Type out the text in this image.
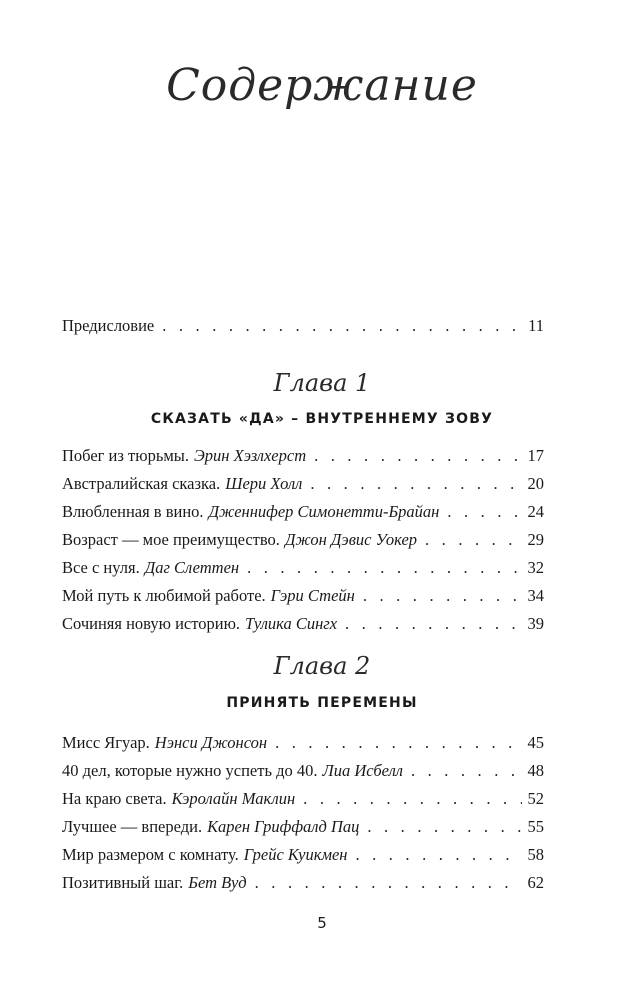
Содержание
Предисловие . . .	11
Глава 1
СКАЗАТЬ «ДА» – ВНУТРЕННЕМУ ЗОВУ
Побег из тюрьмы. Эрин Хэзлхерст . . .	17
Австралийская сказка. Шери Холл . . .	20
Влюбленная в вино. Дженнифер Симонетти-Брайан . . .	24
Возраст — мое преимущество. Джон Дэвис Уокер . . .	29
Все с нуля. Даг Слеттен . . .	32
Мой путь к любимой работе. Гэри Стейн . . .	34
Сочиняя новую историю. Тулика Сингх . . .	39
Глава 2
ПРИНЯТЬ ПЕРЕМЕНЫ
Мисс Ягуар. Нэнси Джонсон . . .	45
40 дел, которые нужно успеть до 40. Лиа Исбелл . . .	48
На краю света. Кэролайн Маклин . . .	52
Лучшее — впереди. Карен Гриффалд Пац . . .	55
Мир размером с комнату. Грейс Куикмен . . .	58
Позитивный шаг. Бет Вуд . . .	62
5
